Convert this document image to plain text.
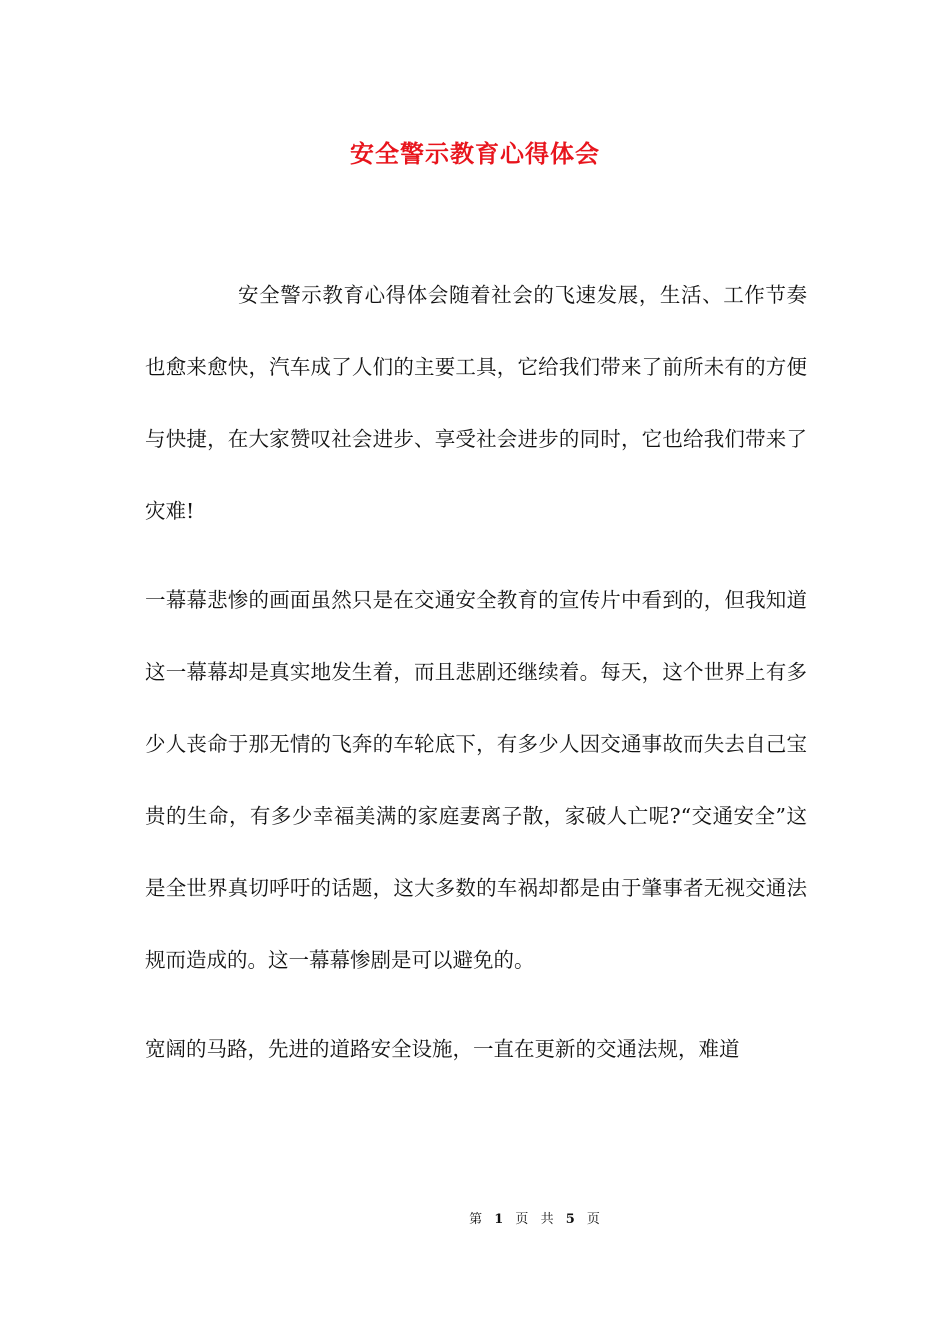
安全警示教育心得体会

安全警示教育心得体会随着社会的飞速发展，生活、工作节奏也愈来愈快，汽车成了人们的主要工具，它给我们带来了前所未有的方便与快捷，在大家赞叹社会进步、享受社会进步的同时，它也给我们带来了灾难!

一幕幕悲惨的画面虽然只是在交通安全教育的宣传片中看到的，但我知道这一幕幕却是真实地发生着，而且悲剧还继续着。每天，这个世界上有多少人丧命于那无情的飞奔的车轮底下，有多少人因交通事故而失去自己宝贵的生命，有多少幸福美满的家庭妻离子散，家破人亡呢?“交通安全”这是全世界真切呼吁的话题，这大多数的车祸却都是由于肇事者无视交通法规而造成的。这一幕幕惨剧是可以避免的。

宽阔的马路，先进的道路安全设施，一直在更新的交通法规，难道

第 1 页 共 5 页
